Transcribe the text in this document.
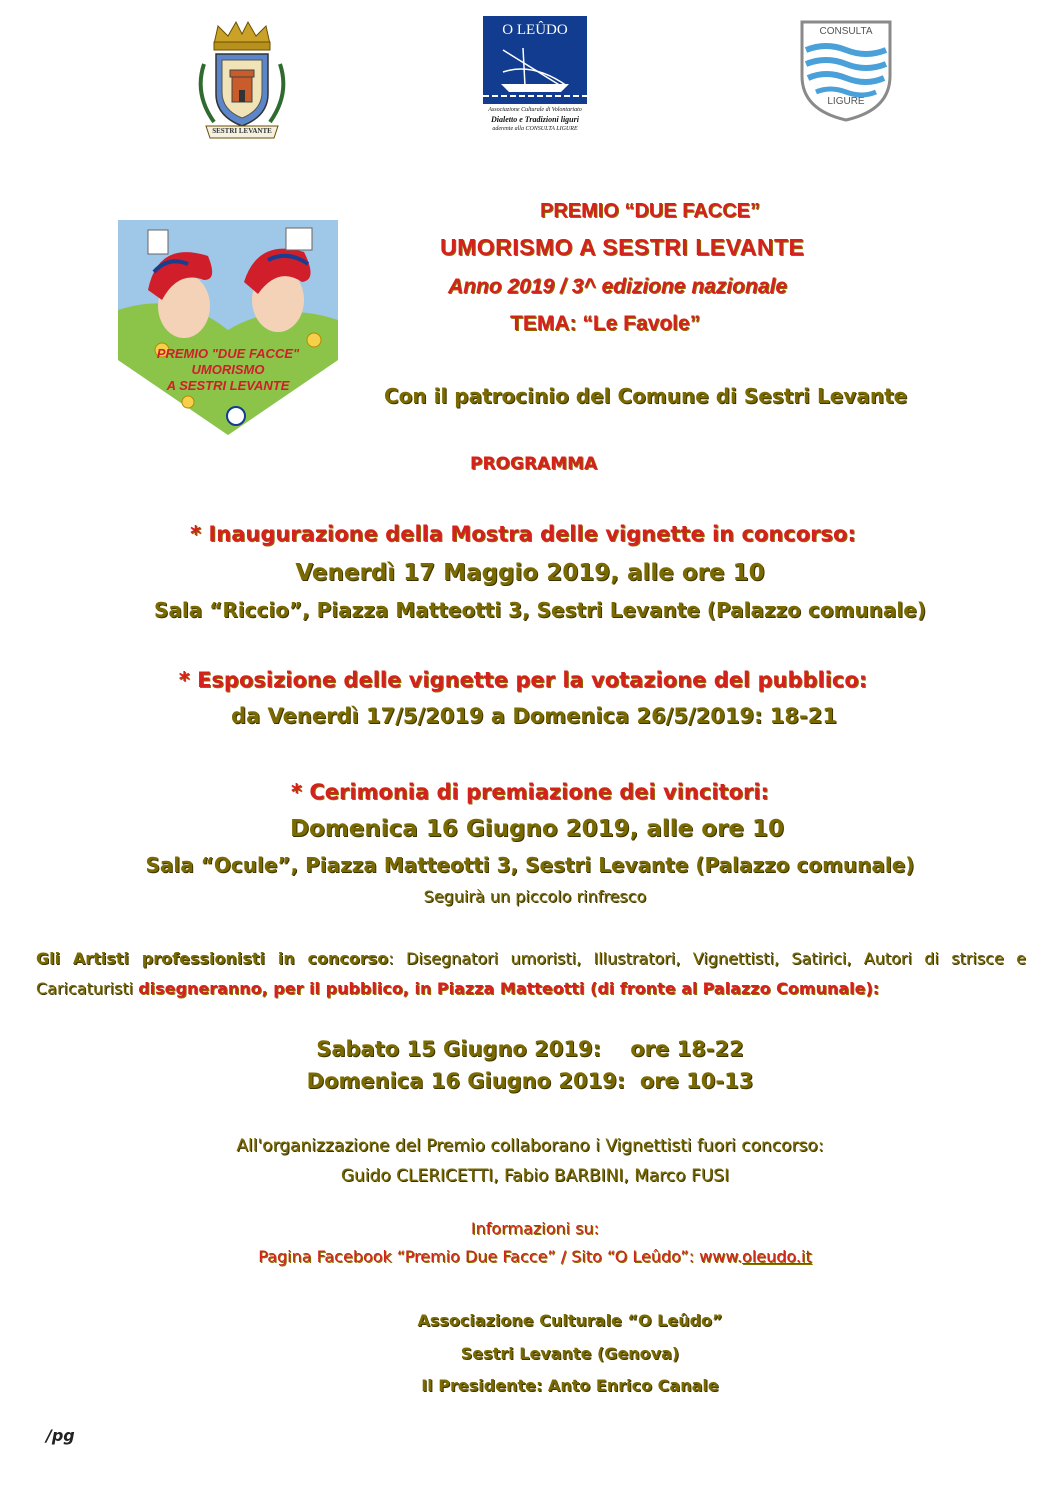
SESTRI LEVANTE
O LEÛDO
Associazione Culturale di Volontariato
Dialetto e Tradizioni liguri
aderente alla CONSULTA LIGURE
CONSULTA
LIGURE
PREMIO "DUE FACCE"
UMORISMO
A SESTRI LEVANTE
PREMIO “DUE FACCE”
UMORISMO A SESTRI LEVANTE
Anno 2019 / 3^ edizione nazionale
TEMA: “Le Favole”
Con il patrocinio del Comune di Sestri Levante
PROGRAMMA
* Inaugurazione della Mostra delle vignette in concorso:
Venerdì 17 Maggio 2019, alle ore 10
Sala “Riccio”, Piazza Matteotti 3, Sestri Levante (Palazzo comunale)
* Esposizione delle vignette per la votazione del pubblico:
da Venerdì 17/5/2019 a Domenica 26/5/2019: 18-21
* Cerimonia di premiazione dei vincitori:
Domenica 16 Giugno 2019, alle ore 10
Sala “Ocule”, Piazza Matteotti 3, Sestri Levante (Palazzo comunale)
Seguirà un piccolo rinfresco
Gli Artisti professionisti in concorso: Disegnatori umoristi, Illustratori, Vignettisti, Satirici, Autori di strisce e Caricaturisti disegneranno, per il pubblico, in Piazza Matteotti (di fronte al Palazzo Comunale):
Sabato 15 Giugno 2019:    ore 18-22
Domenica 16 Giugno 2019:  ore 10-13
All'organizzazione del Premio collaborano i Vignettisti fuori concorso:
Guido CLERICETTI, Fabio BARBINI, Marco FUSI
Informazioni su:
Pagina Facebook “Premio Due Facce” / Sito “O Leûdo”: www.oleudo.it
Associazione Culturale “O Leûdo”
Sestri Levante (Genova)
Il Presidente: Anto Enrico Canale
/pg
